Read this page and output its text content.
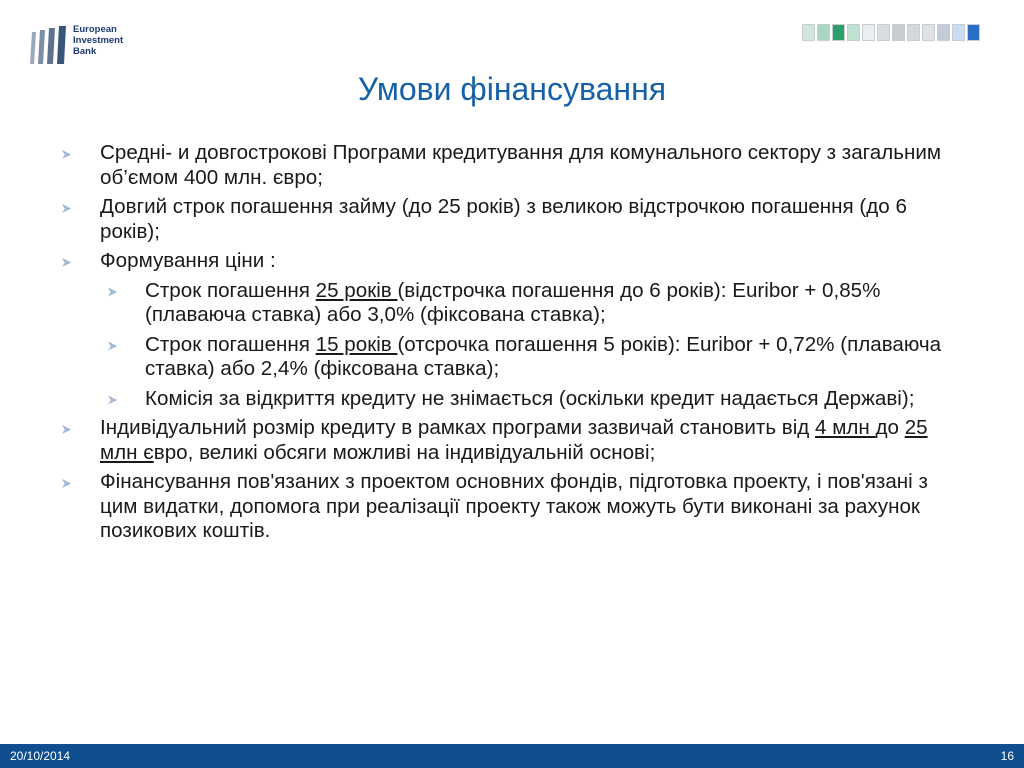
European
Investment
Bank
Умови фінансування
Средні- и довгострокові Програми кредитування для комунального сектору з загальним об’ємом 400 млн. євро;
Довгий строк погашення займу (до 25 років) з великою відстрочкою погашення (до 6 років);
Формування ціни :
Строк погашення 25 років (відстрочка погашення до 6 років): Euribor + 0,85% (плаваюча ставка) або 3,0% (фіксована ставка);
Строк погашення 15 років (отсрочка погашення 5 років): Euribor + 0,72% (плаваюча ставка) або 2,4% (фіксована ставка);
Комісія за відкриття кредиту не знімається (оскільки кредит надається Державі);
Індивідуальний розмір кредиту в рамках програми зазвичай становить від 4 млн до 25 млн євро, великі обсяги можливі на індивідуальній основі;
Фінансування пов'язаних з проектом основних фондів, підготовка проекту, і пов'язані з цим видатки, допомога при реалізації проекту також можуть бути виконані за рахунок позикових коштів.
20/10/2014	16
